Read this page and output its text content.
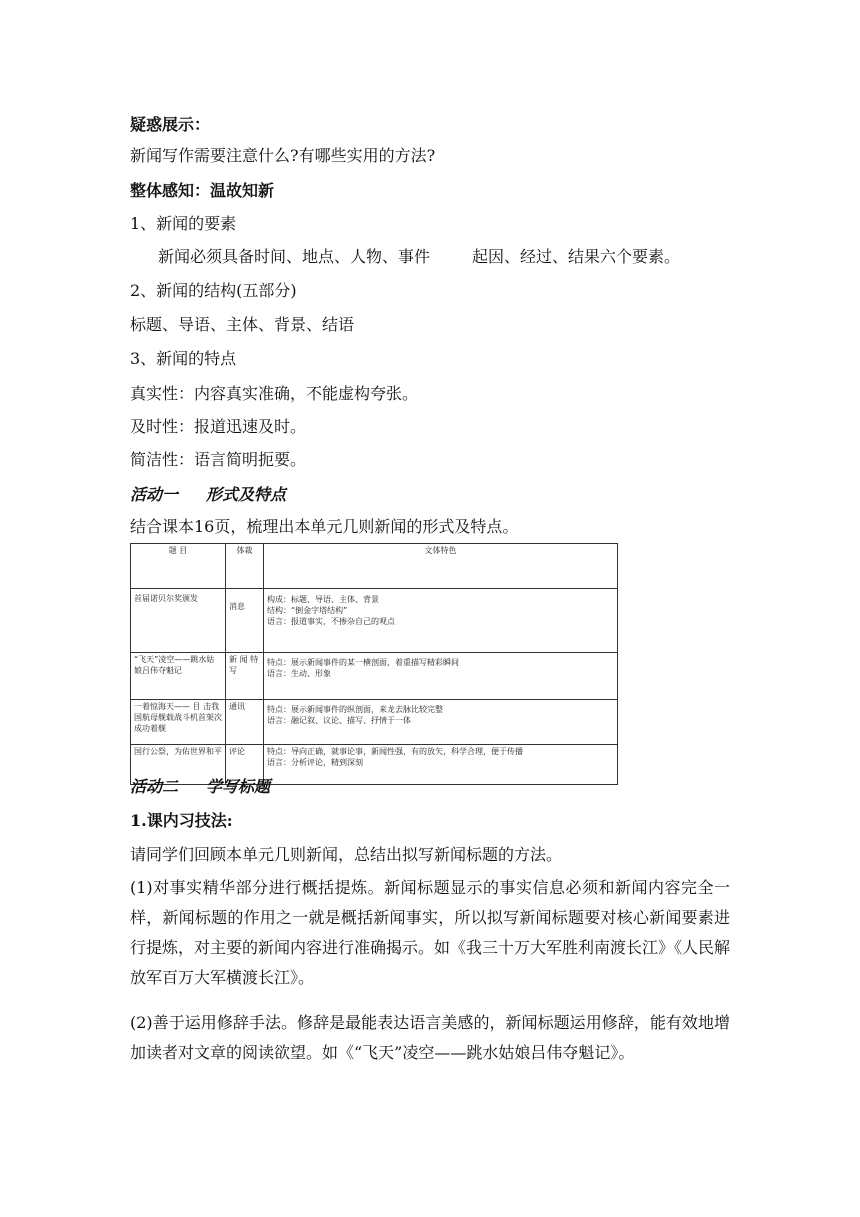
疑惑展示：
新闻写作需要注意什么?有哪些实用的方法?
整体感知：温故知新
1、新闻的要素
新闻必须具备时间、地点、人物、事件	起因、经过、结果六个要素。
2、新闻的结构(五部分)
标题、导语、主体、背景、结语
3、新闻的特点
真实性：内容真实准确，不能虚构夸张。
及时性：报道迅速及时。
简洁性：语言简明扼要。
活动一 形式及特点
结合课本16页，梳理出本单元几则新闻的形式及特点。
题 目	体裁	文体特色
首届诺贝尔奖颁发	消息	构成：标题、导语、主体、背景
结构：“倒金字塔结构”
语言：报道事实，不掺杂自己的观点
“飞天”凌空——跳水姑娘吕伟夺魁记	新 闻 特写	特点：展示新闻事件的某一横剖面，着重描写精彩瞬间
语言：生动、形象
一着惊海天—— 目 击我国航母舰载战斗机首架次成功着舰	通讯	特点：展示新闻事件的纵剖面，来龙去脉比较完整
语言：融记叙、议论、描写、抒情于一体
国行公祭，为佑世界和平	评论	特点：导向正确，就事论事，新闻性强，有的放矢，科学合理，便于传播
语言：分析评论，精到深刻
活动二 学写标题
1.课内习技法:
请同学们回顾本单元几则新闻，总结出拟写新闻标题的方法。
(1)对事实精华部分进行概括提炼。新闻标题显示的事实信息必须和新闻内容完全一样，新闻标题的作用之一就是概括新闻事实，所以拟写新闻标题要对核心新闻要素进行提炼，对主要的新闻内容进行准确揭示。如《我三十万大军胜利南渡长江》《人民解放军百万大军横渡长江》。
(2)善于运用修辞手法。修辞是最能表达语言美感的，新闻标题运用修辞，能有效地增加读者对文章的阅读欲望。如《“飞天”凌空——跳水姑娘吕伟夺魁记》。
